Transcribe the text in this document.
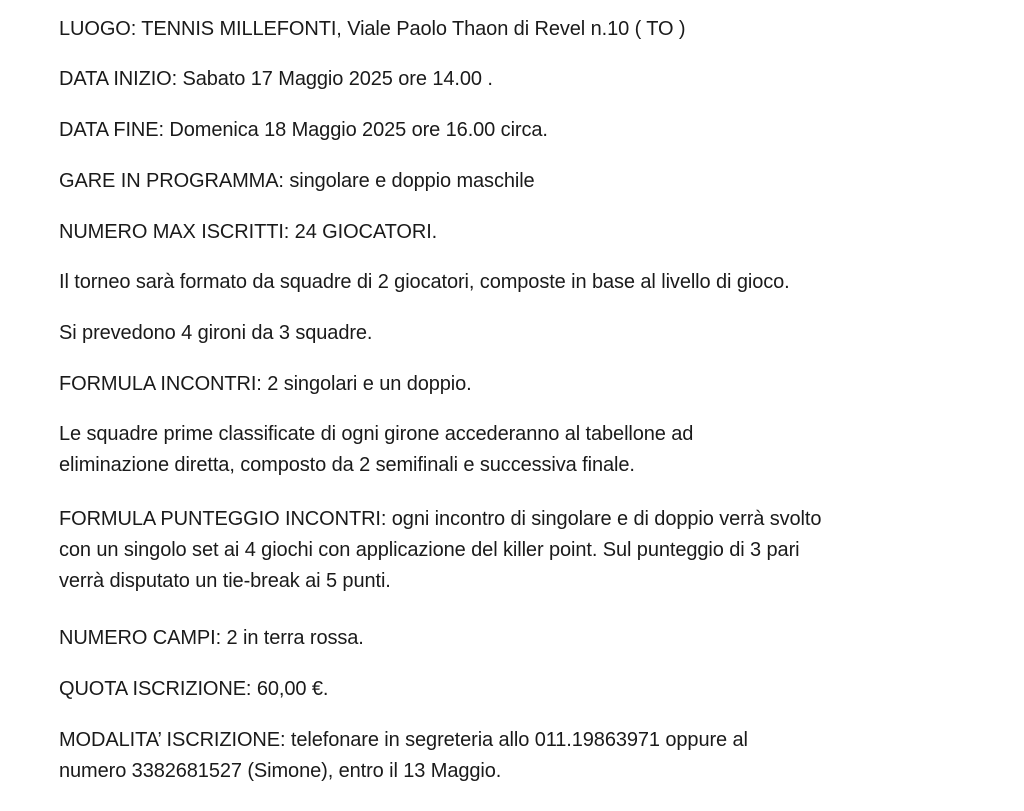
LUOGO: TENNIS MILLEFONTI, Viale Paolo Thaon di Revel n.10 ( TO )

DATA INIZIO: Sabato 17 Maggio 2025 ore 14.00 .

DATA FINE: Domenica 18 Maggio 2025 ore 16.00 circa.

GARE IN PROGRAMMA: singolare e doppio maschile

NUMERO MAX ISCRITTI: 24 GIOCATORI.

Il torneo sarà formato da squadre di 2 giocatori, composte in base al livello di gioco.

Si prevedono 4 gironi da 3 squadre.

FORMULA INCONTRI: 2 singolari e un doppio.

Le squadre prime classificate di ogni girone accederanno al tabellone ad
eliminazione diretta, composto da 2 semifinali e successiva finale.

FORMULA PUNTEGGIO INCONTRI: ogni incontro di singolare e di doppio verrà svolto
con un singolo set ai 4 giochi con applicazione del killer point. Sul punteggio di 3 pari
verrà disputato un tie-break ai 5 punti.

NUMERO CAMPI: 2 in terra rossa.

QUOTA ISCRIZIONE: 60,00 €.

MODALITA’ ISCRIZIONE: telefonare in segreteria allo 011.19863971 oppure al
numero 3382681527 (Simone), entro il 13 Maggio.
